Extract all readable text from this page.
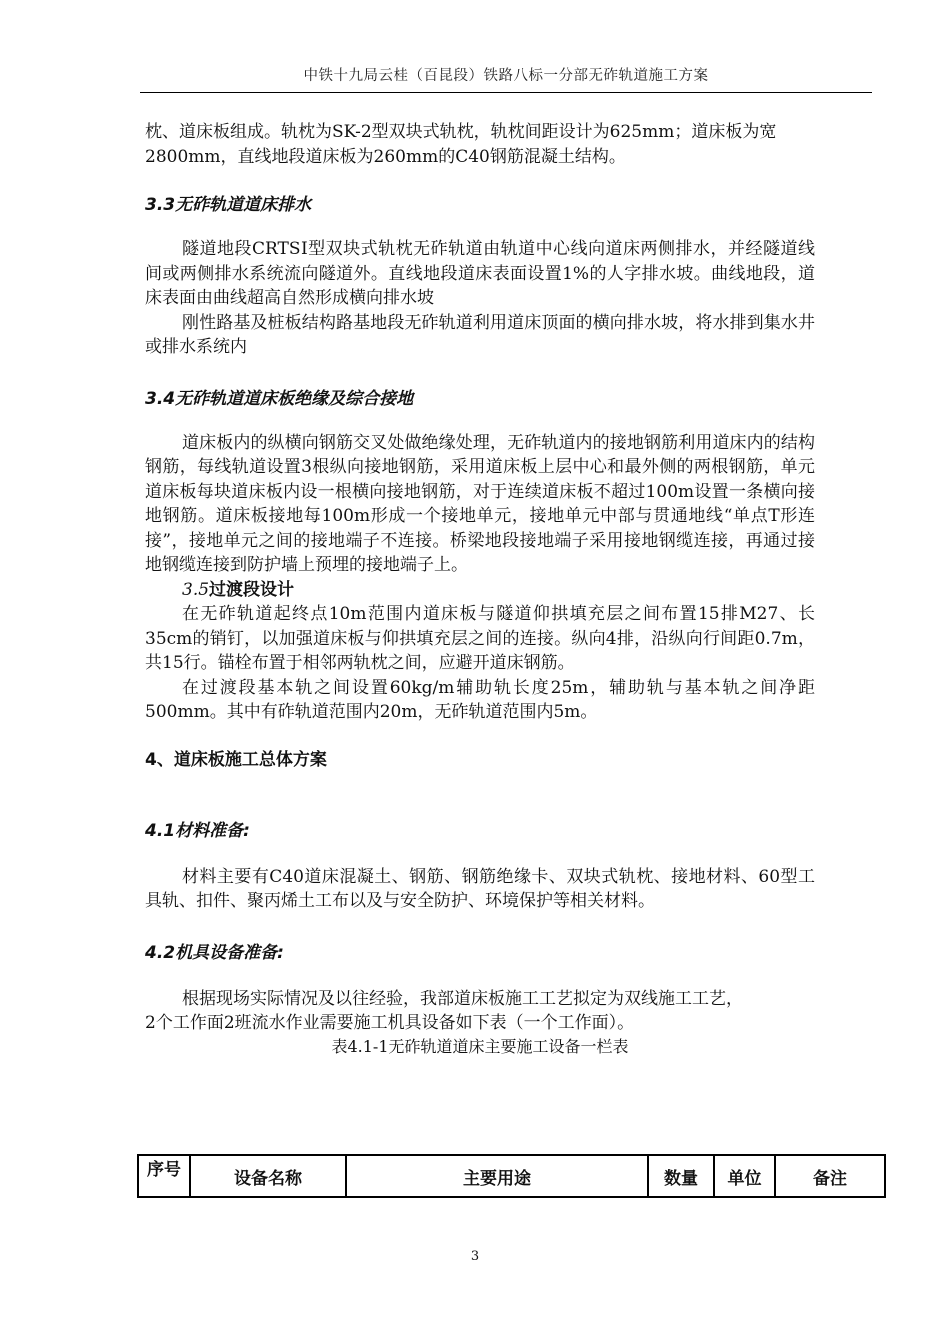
中铁十九局云桂（百昆段）铁路八标一分部无砟轨道施工方案

枕、道床板组成。轨枕为SK-2型双块式轨枕，轨枕间距设计为625mm；道床板为宽

2800mm，直线地段道床板为260mm的C40钢筋混凝土结构。

3.3无砟轨道道床排水

隧道地段CRTSⅠ型双块式轨枕无砟轨道由轨道中心线向道床两侧排水，并经隧道线间或两侧排水系统流向隧道外。直线地段道床表面设置1%的人字排水坡。曲线地段，道床表面由曲线超高自然形成横向排水坡

刚性路基及桩板结构路基地段无砟轨道利用道床顶面的横向排水坡，将水排到集水井或排水系统内

3.4无砟轨道道床板绝缘及综合接地

道床板内的纵横向钢筋交叉处做绝缘处理，无砟轨道内的接地钢筋利用道床内的结构钢筋，每线轨道设置3根纵向接地钢筋，采用道床板上层中心和最外侧的两根钢筋，单元道床板每块道床板内设一根横向接地钢筋，对于连续道床板不超过100m设置一条横向接地钢筋。道床板接地每100m形成一个接地单元，接地单元中部与贯通地线“单点T形连接”，接地单元之间的接地端子不连接。桥梁地段接地端子采用接地钢缆连接，再通过接地钢缆连接到防护墙上预埋的接地端子上。

3.5过渡段设计

在无砟轨道起终点10m范围内道床板与隧道仰拱填充层之间布置15排M27、长35cm的销钉，以加强道床板与仰拱填充层之间的连接。纵向4排，沿纵向行间距0.7m，共15行。锚栓布置于相邻两轨枕之间，应避开道床钢筋。

在过渡段基本轨之间设置60kg/m辅助轨长度25m，辅助轨与基本轨之间净距500mm。其中有砟轨道范围内20m，无砟轨道范围内5m。

4、道床板施工总体方案

4.1材料准备:

材料主要有C40道床混凝土、钢筋、钢筋绝缘卡、双块式轨枕、接地材料、60型工具轨、扣件、聚丙烯土工布以及与安全防护、环境保护等相关材料。

4.2机具设备准备:

根据现场实际情况及以往经验，我部道床板施工工艺拟定为双线施工工艺，

2个工作面2班流水作业需要施工机具设备如下表（一个工作面）。

表4.1-1无砟轨道道床主要施工设备一栏表

序号	设备名称	主要用途	数量	单位	备注
3
